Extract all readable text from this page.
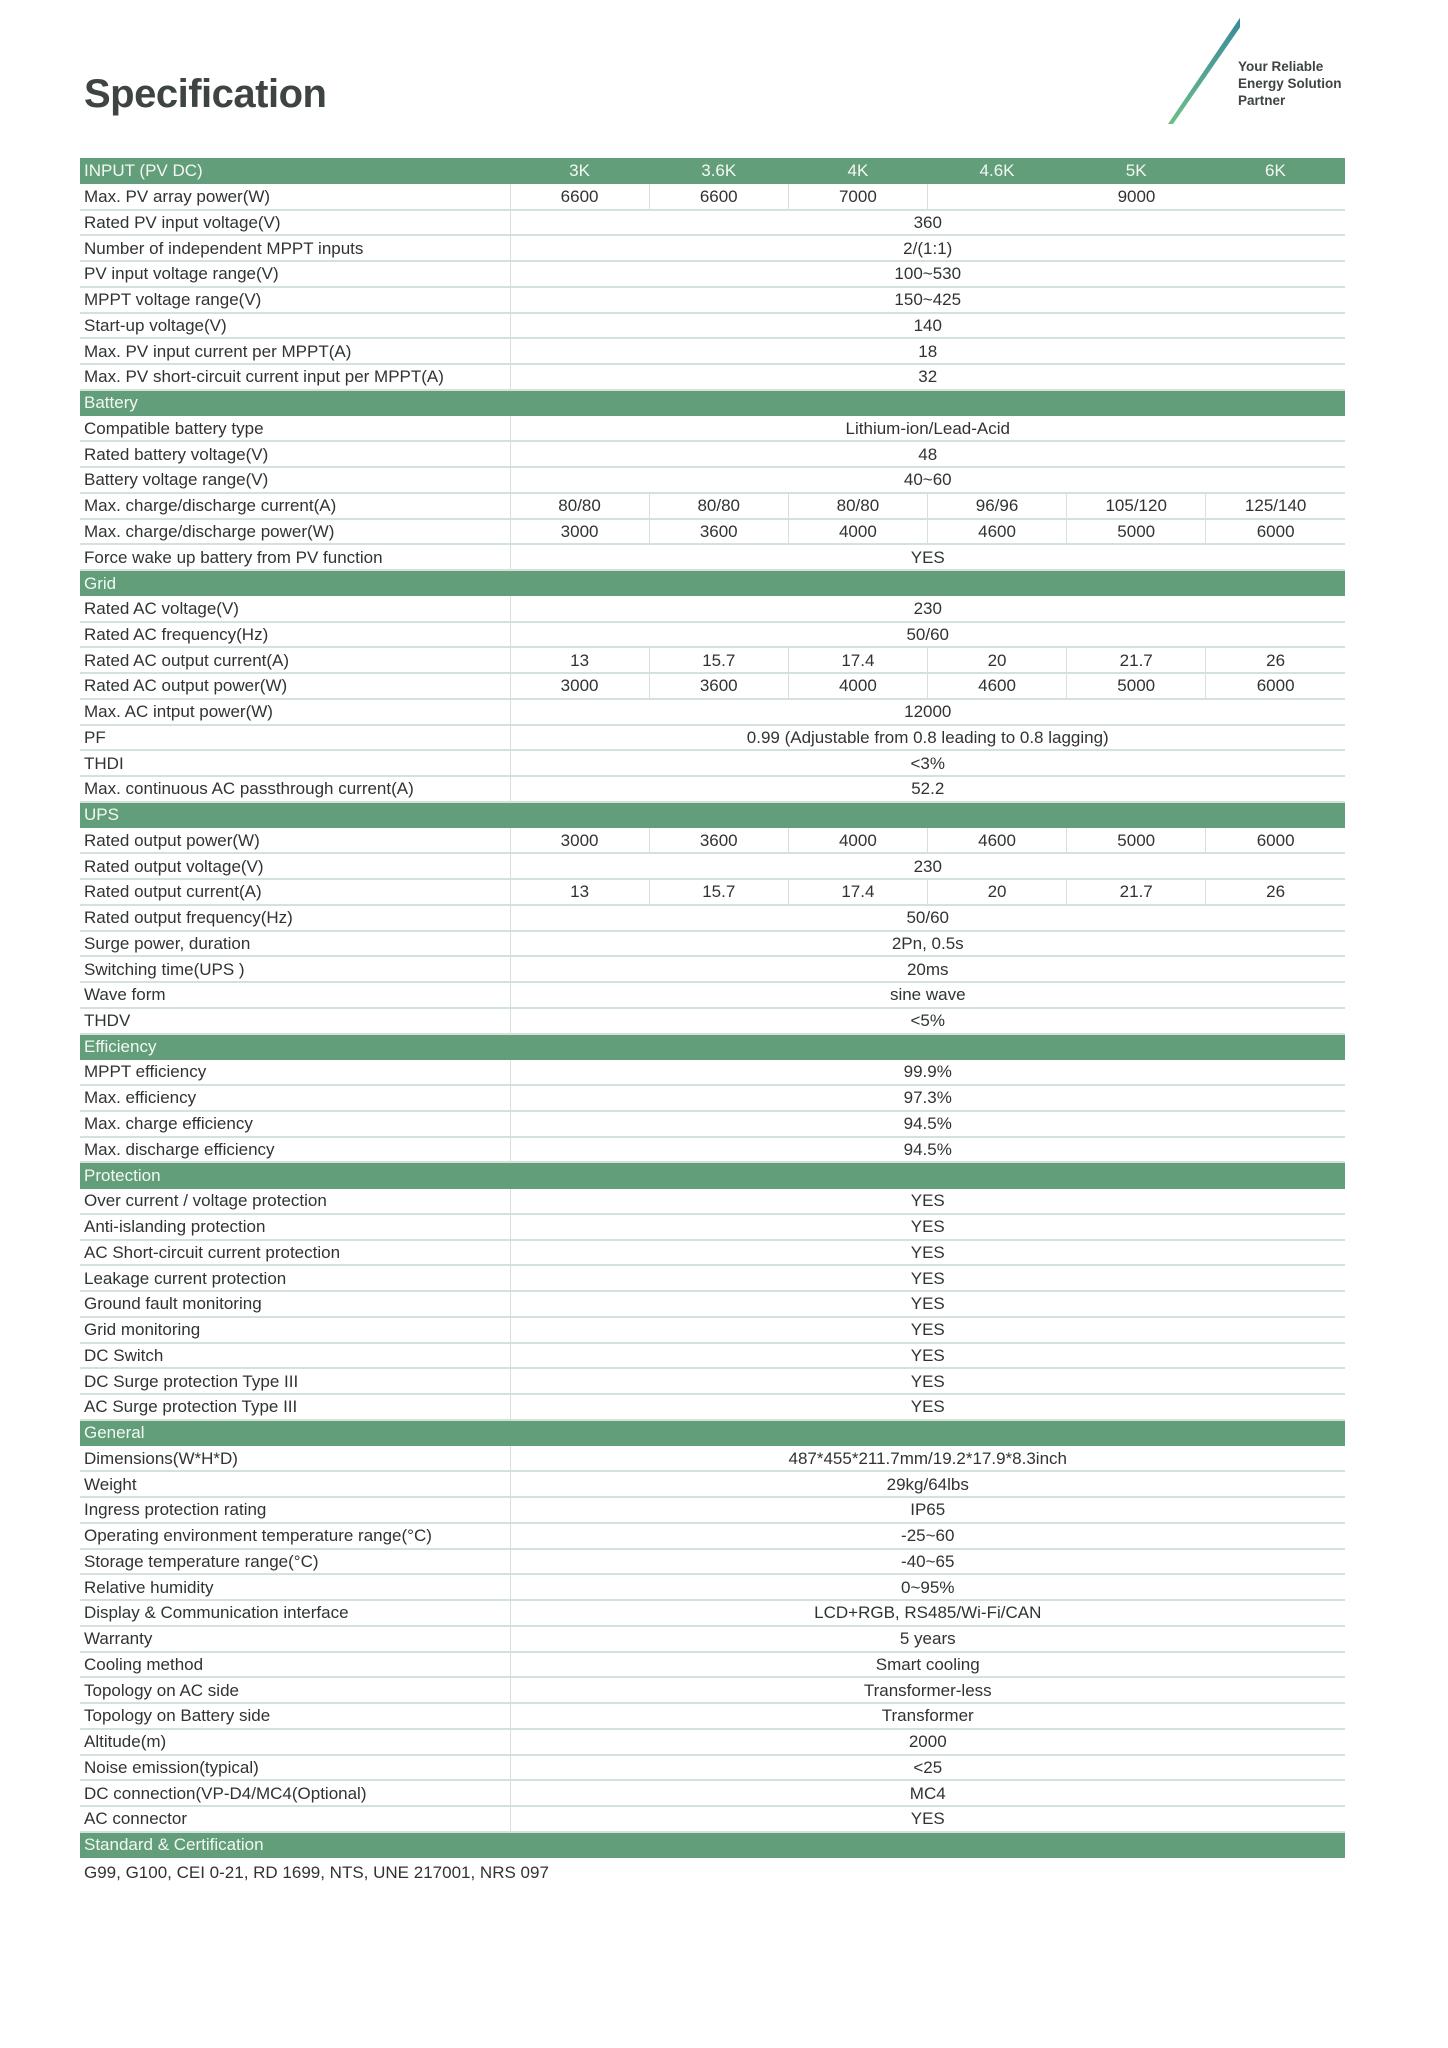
Specification
Your Reliable
Energy Solution
Partner
INPUT (PV DC)	3K	3.6K	4K	4.6K	5K	6K
Max. PV array power(W)	6600	6600	7000	9000		
Rated PV input voltage(V)	360					
Number of independent MPPT inputs	2/(1:1)					
PV input voltage range(V)	100~530					
MPPT voltage range(V)	150~425					
Start-up voltage(V)	140					
Max. PV input current per MPPT(A)	18					
Max. PV short-circuit current input per MPPT(A)	32					
Battery						
Compatible battery type	Lithium-ion/Lead-Acid					
Rated battery voltage(V)	48					
Battery voltage range(V)	40~60					
Max. charge/discharge current(A)	80/80	80/80	80/80	96/96	105/120	125/140
Max. charge/discharge power(W)	3000	3600	4000	4600	5000	6000
Force wake up battery from PV function	YES					
Grid						
Rated AC voltage(V)	230					
Rated AC frequency(Hz)	50/60					
Rated AC output current(A)	13	15.7	17.4	20	21.7	26
Rated AC output power(W)	3000	3600	4000	4600	5000	6000
Max. AC intput power(W)	12000					
PF	0.99 (Adjustable from 0.8 leading to 0.8 lagging)					
THDI	<3%					
Max. continuous AC passthrough current(A)	52.2					
UPS						
Rated output power(W)	3000	3600	4000	4600	5000	6000
Rated output voltage(V)	230					
Rated output current(A)	13	15.7	17.4	20	21.7	26
Rated output frequency(Hz)	50/60					
Surge power, duration	2Pn, 0.5s					
Switching time(UPS )	20ms					
Wave form	sine wave					
THDV	<5%					
Efficiency						
MPPT efficiency	99.9%					
Max. efficiency	97.3%					
Max. charge efficiency	94.5%					
Max. discharge efficiency	94.5%					
Protection						
Over current / voltage protection	YES					
Anti-islanding protection	YES					
AC Short-circuit current protection	YES					
Leakage current protection	YES					
Ground fault monitoring	YES					
Grid monitoring	YES					
DC Switch	YES					
DC Surge protection Type III	YES					
AC Surge protection Type III	YES					
General						
Dimensions(W*H*D)	487*455*211.7mm/19.2*17.9*8.3inch					
Weight	29kg/64lbs					
Ingress protection rating	IP65					
Operating environment temperature range(°C)	-25~60					
Storage temperature range(°C)	-40~65					
Relative humidity	0~95%					
Display & Communication interface	LCD+RGB, RS485/Wi-Fi/CAN					
Warranty	5 years					
Cooling method	Smart cooling					
Topology on AC side	Transformer-less					
Topology on Battery side	Transformer					
Altitude(m)	2000					
Noise emission(typical)	<25					
DC connection(VP-D4/MC4(Optional)	MC4					
AC connector	YES					
Standard & Certification						
G99, G100, CEI 0-21, RD 1699, NTS, UNE 217001, NRS 097
